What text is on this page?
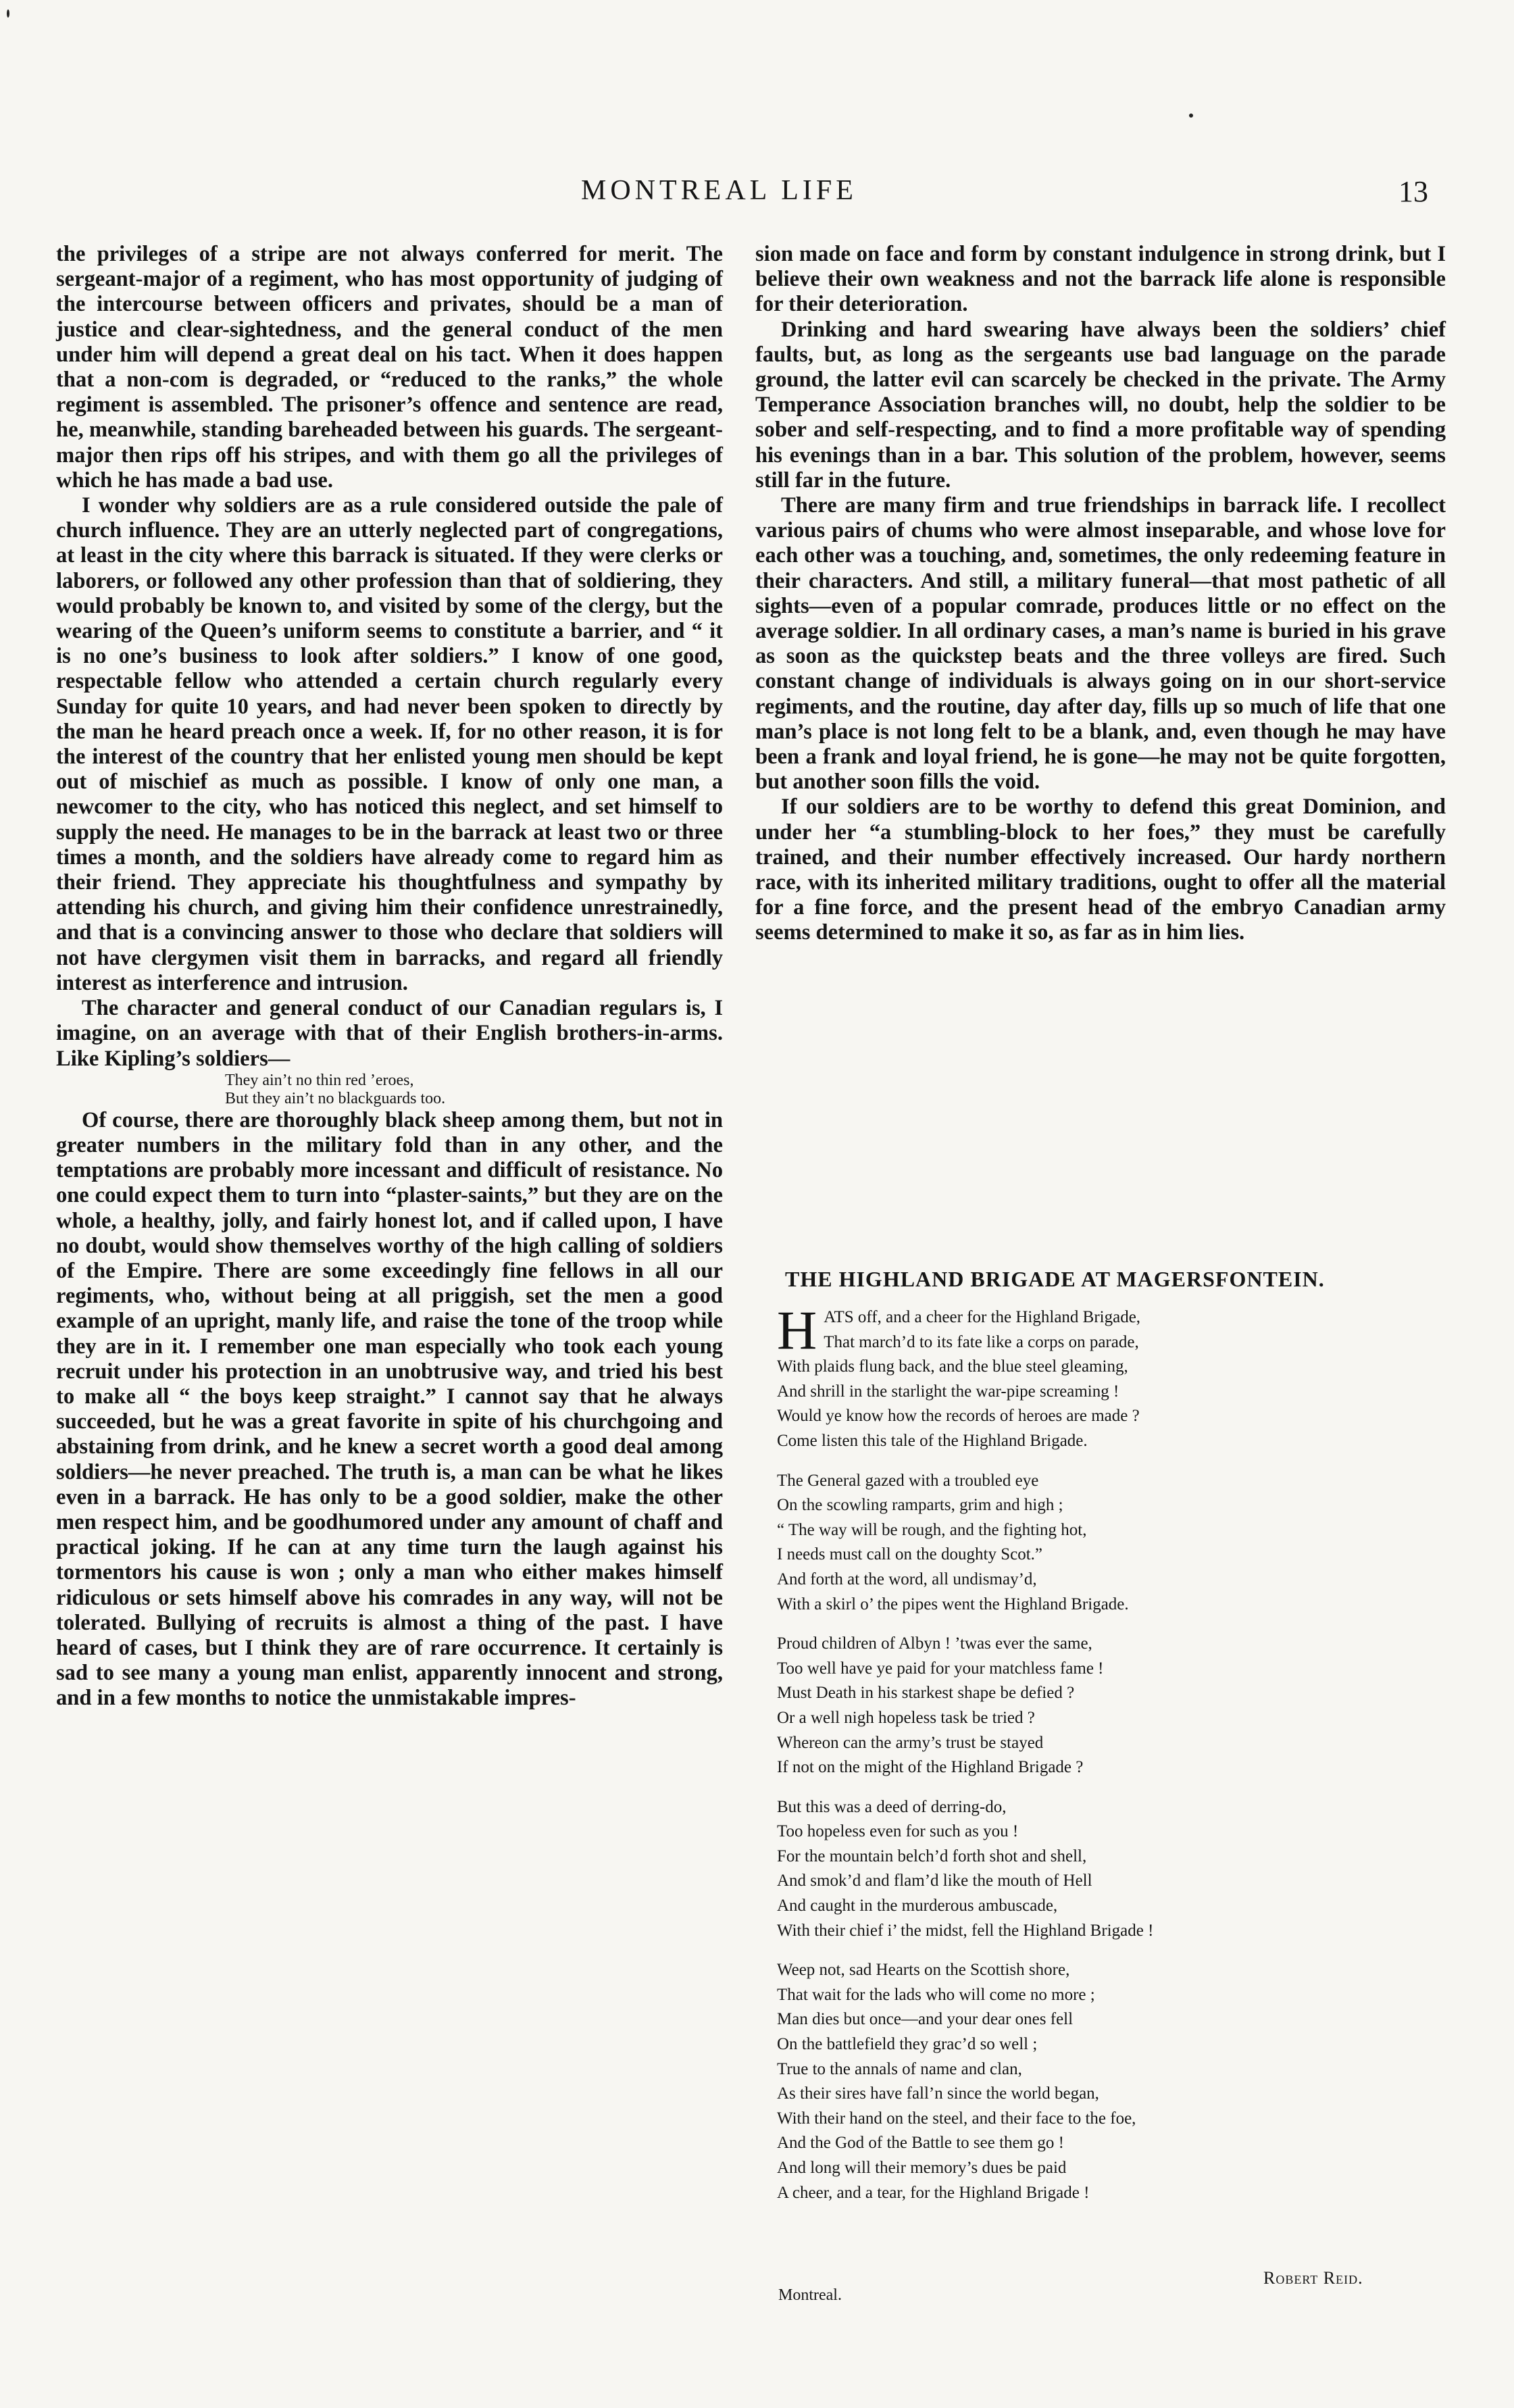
MONTREAL LIFE	13

the privileges of a stripe are not always conferred for merit. The sergeant-major of a regiment, who has most opportunity of judging of the intercourse between officers and privates, should be a man of justice and clear-sightedness, and the general conduct of the men under him will depend a great deal on his tact. When it does happen that a non-com is degraded, or “reduced to the ranks,” the whole regiment is assembled. The prisoner’s offence and sentence are read, he, meanwhile, standing bareheaded between his guards. The sergeant-major then rips off his stripes, and with them go all the privileges of which he has made a bad use.

I wonder why soldiers are as a rule considered outside the pale of church influence. They are an utterly neglected part of congregations, at least in the city where this barrack is situated. If they were clerks or laborers, or followed any other profession than that of soldiering, they would probably be known to, and visited by some of the clergy, but the wearing of the Queen’s uniform seems to constitute a barrier, and “ it is no one’s business to look after soldiers.” I know of one good, respectable fellow who attended a certain church regularly every Sunday for quite 10 years, and had never been spoken to directly by the man he heard preach once a week. If, for no other reason, it is for the interest of the country that her enlisted young men should be kept out of mischief as much as possible. I know of only one man, a newcomer to the city, who has noticed this neglect, and set himself to supply the need. He manages to be in the barrack at least two or three times a month, and the soldiers have already come to regard him as their friend. They appreciate his thoughtfulness and sympathy by attending his church, and giving him their confidence unrestrainedly, and that is a convincing answer to those who declare that soldiers will not have clergymen visit them in barracks, and regard all friendly interest as interference and intrusion.

The character and general conduct of our Canadian regulars is, I imagine, on an average with that of their English brothers-in-arms. Like Kipling’s soldiers—

They ain’t no thin red ’eroes,
But they ain’t no blackguards too.

Of course, there are thoroughly black sheep among them, but not in greater numbers in the military fold than in any other, and the temptations are probably more incessant and difficult of resistance. No one could expect them to turn into “plaster-saints,” but they are on the whole, a healthy, jolly, and fairly honest lot, and if called upon, I have no doubt, would show themselves worthy of the high calling of soldiers of the Empire. There are some exceedingly fine fellows in all our regiments, who, without being at all priggish, set the men a good example of an upright, manly life, and raise the tone of the troop while they are in it. I remember one man especially who took each young recruit under his protection in an unobtrusive way, and tried his best to make all “ the boys keep straight.” I cannot say that he always succeeded, but he was a great favorite in spite of his churchgoing and abstaining from drink, and he knew a secret worth a good deal among soldiers—he never preached. The truth is, a man can be what he likes even in a barrack. He has only to be a good soldier, make the other men respect him, and be goodhumored under any amount of chaff and practical joking. If he can at any time turn the laugh against his tormentors his cause is won ; only a man who either makes himself ridiculous or sets himself above his comrades in any way, will not be tolerated. Bullying of recruits is almost a thing of the past. I have heard of cases, but I think they are of rare occurrence. It certainly is sad to see many a young man enlist, apparently innocent and strong, and in a few months to notice the unmistakable impres-

sion made on face and form by constant indulgence in strong drink, but I believe their own weakness and not the barrack life alone is responsible for their deterioration.

Drinking and hard swearing have always been the soldiers’ chief faults, but, as long as the sergeants use bad language on the parade ground, the latter evil can scarcely be checked in the private. The Army Temperance Association branches will, no doubt, help the soldier to be sober and self-respecting, and to find a more profitable way of spending his evenings than in a bar. This solution of the problem, however, seems still far in the future.

There are many firm and true friendships in barrack life. I recollect various pairs of chums who were almost inseparable, and whose love for each other was a touching, and, sometimes, the only redeeming feature in their characters. And still, a military funeral—that most pathetic of all sights—even of a popular comrade, produces little or no effect on the average soldier. In all ordinary cases, a man’s name is buried in his grave as soon as the quickstep beats and the three volleys are fired. Such constant change of individuals is always going on in our short-service regiments, and the routine, day after day, fills up so much of life that one man’s place is not long felt to be a blank, and, even though he may have been a frank and loyal friend, he is gone—he may not be quite forgotten, but another soon fills the void.

If our soldiers are to be worthy to defend this great Dominion, and under her “a stumbling-block to her foes,” they must be carefully trained, and their number effectively increased. Our hardy northern race, with its inherited military traditions, ought to offer all the material for a fine force, and the present head of the embryo Canadian army seems determined to make it so, as far as in him lies.

THE HIGHLAND BRIGADE AT MAGERSFONTEIN.
H ATS off, and a cheer for the Highland Brigade,
That march’d to its fate like a corps on parade,
With plaids flung back, and the blue steel gleaming,
And shrill in the starlight the war-pipe screaming !
Would ye know how the records of heroes are made ?
Come listen this tale of the Highland Brigade.
The General gazed with a troubled eye
On the scowling ramparts, grim and high ;
“ The way will be rough, and the fighting hot,
I needs must call on the doughty Scot.”
And forth at the word, all undismay’d,
With a skirl o’ the pipes went the Highland Brigade.
Proud children of Albyn ! ’twas ever the same,
Too well have ye paid for your matchless fame !
Must Death in his starkest shape be defied ?
Or a well nigh hopeless task be tried ?
Whereon can the army’s trust be stayed
If not on the might of the Highland Brigade ?
But this was a deed of derring-do,
Too hopeless even for such as you !
For the mountain belch’d forth shot and shell,
And smok’d and flam’d like the mouth of Hell
And caught in the murderous ambuscade,
With their chief i’ the midst, fell the Highland Brigade !
Weep not, sad Hearts on the Scottish shore,
That wait for the lads who will come no more ;
Man dies but once—and your dear ones fell
On the battlefield they grac’d so well ;
True to the annals of name and clan,
As their sires have fall’n since the world began,
With their hand on the steel, and their face to the foe,
And the God of the Battle to see them go !
And long will their memory’s dues be paid
A cheer, and a tear, for the Highland Brigade !
Robert Reid.
Montreal.
